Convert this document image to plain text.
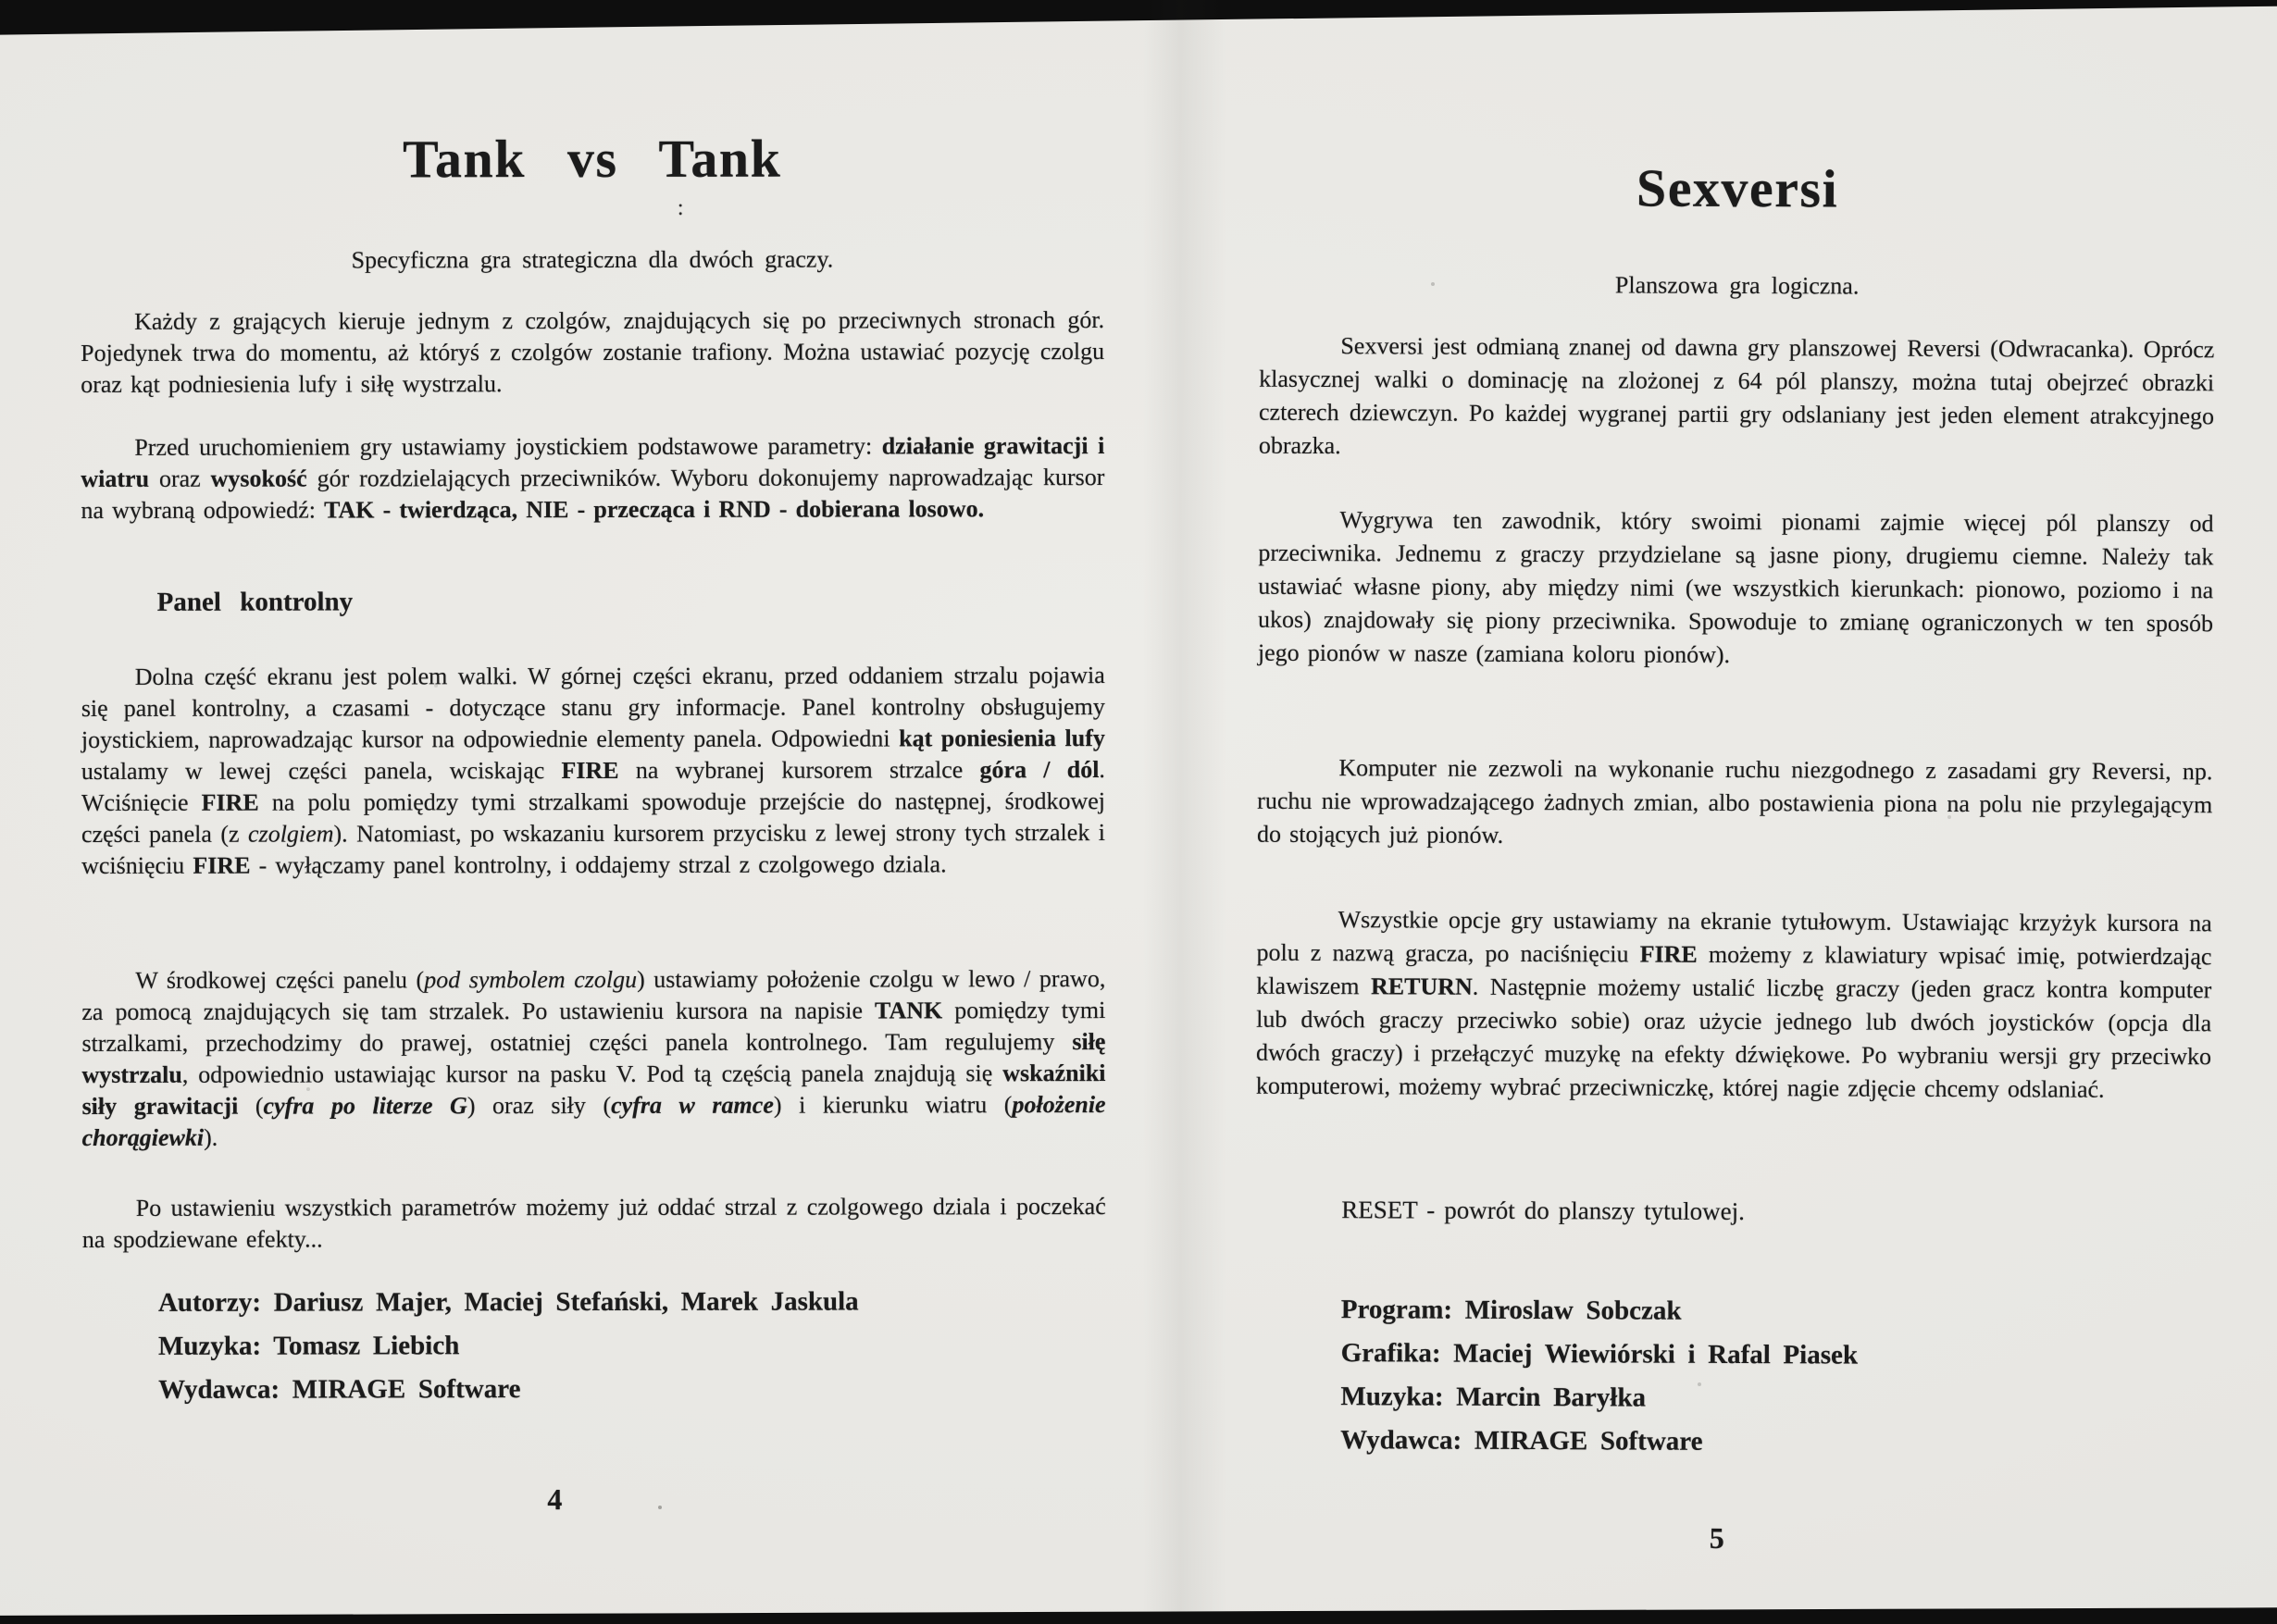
Tank vs Tank
:

Specyficzna gra strategiczna dla dwóch graczy.

Każdy z grających kieruje jednym z czolgów, znajdujących się po przeciwnych stronach gór. Pojedynek trwa do momentu, aż któryś z czolgów zostanie trafiony. Można ustawiać pozycję czolgu oraz kąt podniesienia lufy i siłę wystrzalu.

Przed uruchomieniem gry ustawiamy joystickiem podstawowe parametry: działanie grawitacji i wiatru oraz wysokość gór rozdzielających przeciwników. Wyboru dokonujemy naprowadzając kursor na wybraną odpowiedź: TAK - twierdząca, NIE - przecząca i RND - dobierana losowo.

Panel kontrolny

Dolna część ekranu jest polem walki. W górnej części ekranu, przed oddaniem strzalu pojawia się panel kontrolny, a czasami - dotyczące stanu gry informacje. Panel kontrolny obsługujemy joystickiem, naprowadzając kursor na odpowiednie elementy panela. Odpowiedni kąt poniesienia lufy ustalamy w lewej części panela, wciskając FIRE na wybranej kursorem strzalce góra / dól. Wciśnięcie FIRE na polu pomiędzy tymi strzalkami spowoduje przejście do następnej, środkowej części panela (z czolgiem). Natomiast, po wskazaniu kursorem przycisku z lewej strony tych strzalek i wciśnięciu FIRE - wyłączamy panel kontrolny, i oddajemy strzal z czolgowego dziala.

W środkowej części panelu (pod symbolem czolgu) ustawiamy położenie czolgu w lewo / prawo, za pomocą znajdujących się tam strzalek. Po ustawieniu kursora na napisie TANK pomiędzy tymi strzalkami, przechodzimy do prawej, ostatniej części panela kontrolnego. Tam regulujemy siłę wystrzalu, odpowiednio ustawiając kursor na pasku V. Pod tą częścią panela znajdują się wskaźniki siły grawitacji (cyfra po literze G) oraz siły (cyfra w ramce) i kierunku wiatru (położenie chorągiewki).

Po ustawieniu wszystkich parametrów możemy już oddać strzal z czolgowego dziala i poczekać na spodziewane efekty...

Autorzy: Dariusz Majer, Maciej Stefański, Marek Jaskula
Muzyka: Tomasz Liebich
Wydawca: MIRAGE Software
4
Sexversi

Planszowa gra logiczna.

Sexversi jest odmianą znanej od dawna gry planszowej Reversi (Odwracanka). Oprócz klasycznej walki o dominację na zlożonej z 64 pól planszy, można tutaj obejrzeć obrazki czterech dziewczyn. Po każdej wygranej partii gry odslaniany jest jeden element atrakcyjnego obrazka.

Wygrywa ten zawodnik, który swoimi pionami zajmie więcej pól planszy od przeciwnika. Jednemu z graczy przydzielane są jasne piony, drugiemu ciemne. Należy tak ustawiać własne piony, aby między nimi (we wszystkich kierunkach: pionowo, poziomo i na ukos) znajdowały się piony przeciwnika. Spowoduje to zmianę ograniczonych w ten sposób jego pionów w nasze (zamiana koloru pionów).

Komputer nie zezwoli na wykonanie ruchu niezgodnego z zasadami gry Reversi, np. ruchu nie wprowadzającego żadnych zmian, albo postawienia piona na polu nie przylegającym do stojących już pionów.

Wszystkie opcje gry ustawiamy na ekranie tytułowym. Ustawiając krzyżyk kursora na polu z nazwą gracza, po naciśnięciu FIRE możemy z klawiatury wpisać imię, potwierdzając klawiszem RETURN. Następnie możemy ustalić liczbę graczy (jeden gracz kontra komputer lub dwóch graczy przeciwko sobie) oraz użycie jednego lub dwóch joysticków (opcja dla dwóch graczy) i przełączyć muzykę na efekty dźwiękowe. Po wybraniu wersji gry przeciwko komputerowi, możemy wybrać przeciwniczkę, której nagie zdjęcie chcemy odslaniać.

RESET - powrót do planszy tytulowej.

Program: Miroslaw Sobczak
Grafika: Maciej Wiewiórski i Rafal Piasek
Muzyka: Marcin Baryłka
Wydawca: MIRAGE Software
5
